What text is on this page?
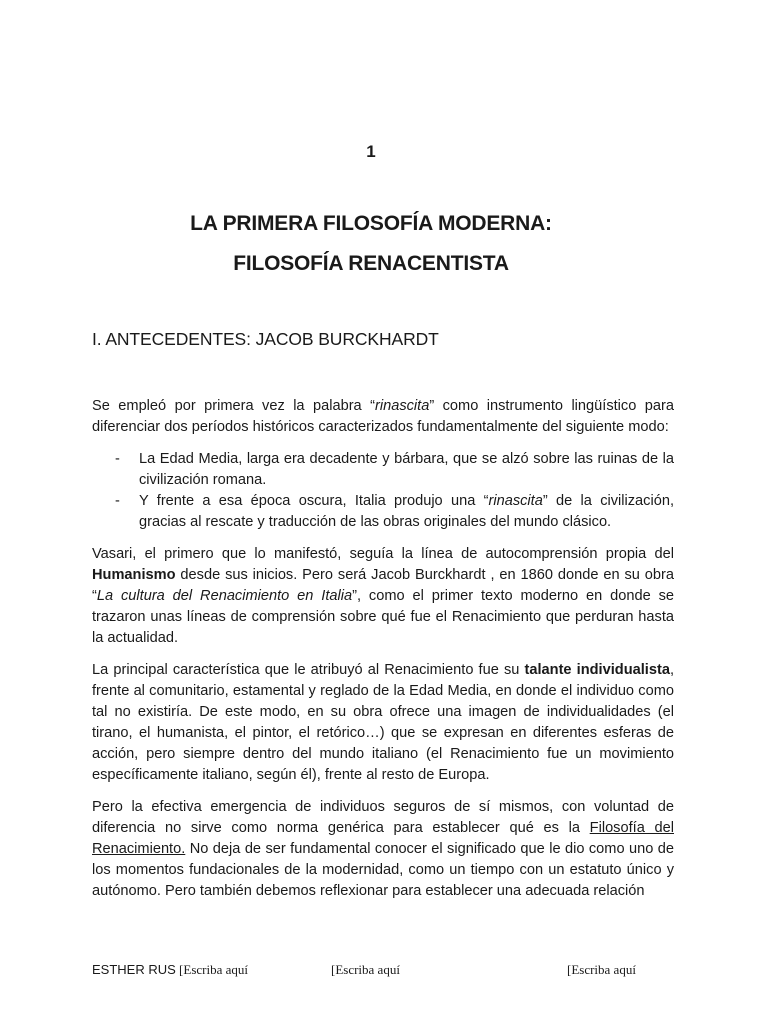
1
LA PRIMERA FILOSOFÍA MODERNA:
FILOSOFÍA RENACENTISTA
I. ANTECEDENTES: JACOB BURCKHARDT

Se empleó por primera vez la palabra “rinascita” como instrumento lingüístico para diferenciar dos períodos históricos caracterizados fundamentalmente del siguiente modo:

- La Edad Media, larga era decadente y bárbara, que se alzó sobre las ruinas de la civilización romana.
- Y frente a esa época oscura, Italia produjo una “rinascita” de la civilización, gracias al rescate y traducción de las obras originales del mundo clásico.

Vasari, el primero que lo manifestó, seguía la línea de autocomprensión propia del Humanismo desde sus inicios. Pero será Jacob Burckhardt , en 1860 donde en su obra “La cultura del Renacimiento en Italia”, como el primer texto moderno en donde se trazaron unas líneas de comprensión sobre qué fue el Renacimiento que perduran hasta la actualidad.

La principal característica que le atribuyó al Renacimiento fue su talante individualista, frente al comunitario, estamental y reglado de la Edad Media, en donde el individuo como tal no existiría. De este modo, en su obra ofrece una imagen de individualidades (el tirano, el humanista, el pintor, el retórico…) que se expresan en diferentes esferas de acción, pero siempre dentro del mundo italiano (el Renacimiento fue un movimiento específicamente italiano, según él), frente al resto de Europa.

Pero la efectiva emergencia de individuos seguros de sí mismos, con voluntad de diferencia no sirve como norma genérica para establecer qué es la Filosofía del Renacimiento. No deja de ser fundamental conocer el significado que le dio como uno de los momentos fundacionales de la modernidad, como un tiempo con un estatuto único y autónomo. Pero también debemos reflexionar para establecer una adecuada relación

ESTHER RUS [Escriba aquí	[Escriba aquí	[Escriba aquí
